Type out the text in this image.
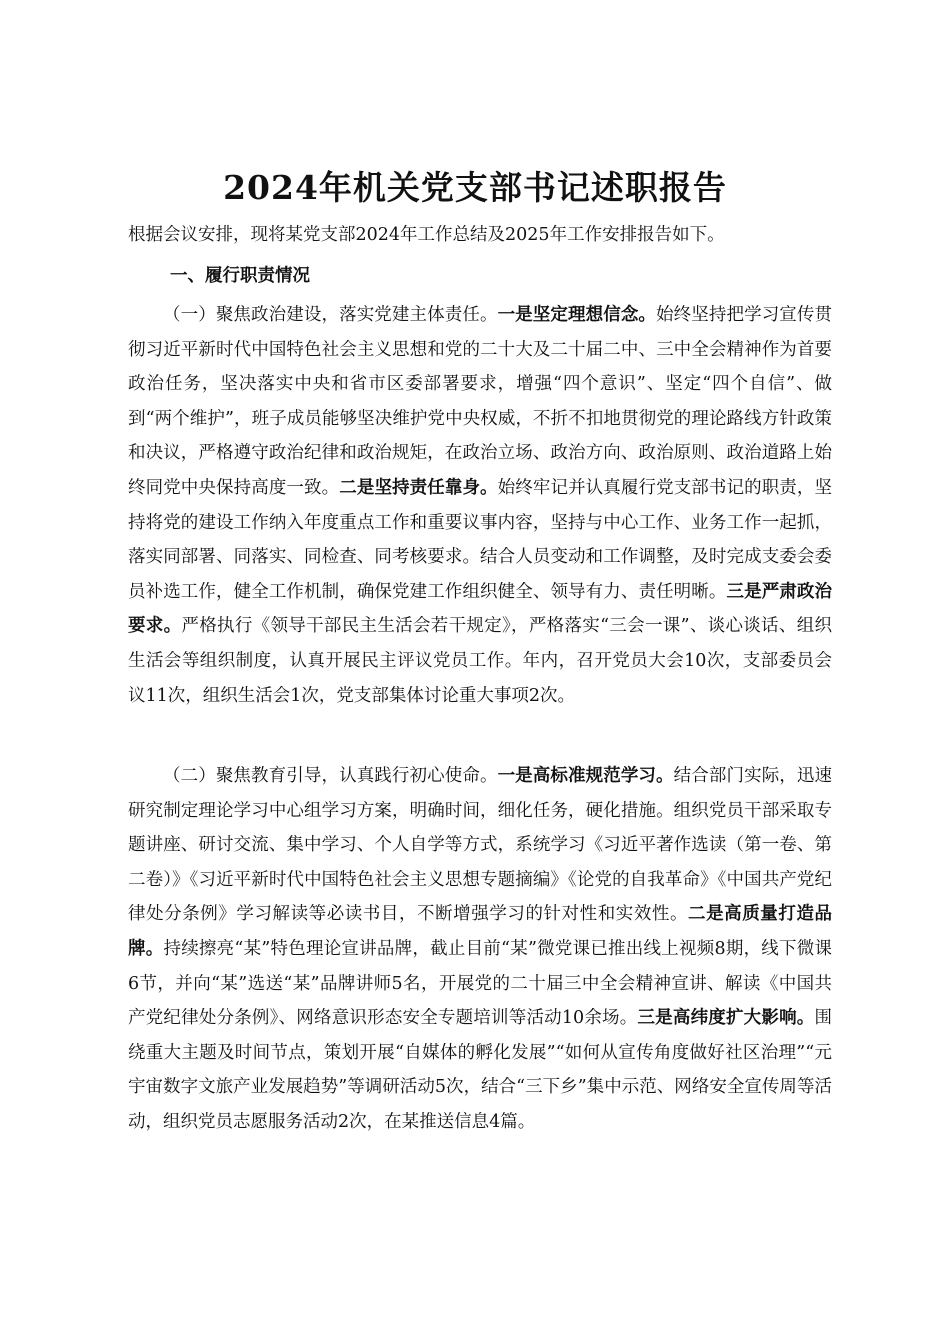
2024年机关党支部书记述职报告

根据会议安排，现将某党支部2024年工作总结及2025年工作安排报告如下。

一、履行职责情况

（一）聚焦政治建设，落实党建主体责任。一是坚定理想信念。始终坚持把学习宣传贯彻习近平新时代中国特色社会主义思想和党的二十大及二十届二中、三中全会精神作为首要政治任务，坚决落实中央和省市区委部署要求，增强“四个意识”、坚定“四个自信”、做到“两个维护”，班子成员能够坚决维护党中央权威，不折不扣地贯彻党的理论路线方针政策和决议，严格遵守政治纪律和政治规矩，在政治立场、政治方向、政治原则、政治道路上始终同党中央保持高度一致。二是坚持责任靠身。始终牢记并认真履行党支部书记的职责，坚持将党的建设工作纳入年度重点工作和重要议事内容，坚持与中心工作、业务工作一起抓，落实同部署、同落实、同检查、同考核要求。结合人员变动和工作调整，及时完成支委会委员补选工作，健全工作机制，确保党建工作组织健全、领导有力、责任明晰。三是严肃政治要求。严格执行《领导干部民主生活会若干规定》，严格落实“三会一课”、谈心谈话、组织生活会等组织制度，认真开展民主评议党员工作。年内，召开党员大会10次，支部委员会议11次，组织生活会1次，党支部集体讨论重大事项2次。

（二）聚焦教育引导，认真践行初心使命。一是高标准规范学习。结合部门实际，迅速研究制定理论学习中心组学习方案，明确时间，细化任务，硬化措施。组织党员干部采取专题讲座、研讨交流、集中学习、个人自学等方式，系统学习《习近平著作选读（第一卷、第二卷）》《习近平新时代中国特色社会主义思想专题摘编》《论党的自我革命》《中国共产党纪律处分条例》学习解读等必读书目，不断增强学习的针对性和实效性。二是高质量打造品牌。持续擦亮“某”特色理论宣讲品牌，截止目前“某”微党课已推出线上视频8期，线下微课6节，并向“某”选送“某”品牌讲师5名，开展党的二十届三中全会精神宣讲、解读《中国共产党纪律处分条例》、网络意识形态安全专题培训等活动10余场。三是高纬度扩大影响。围绕重大主题及时间节点，策划开展“自媒体的孵化发展”“如何从宣传角度做好社区治理”“元宇宙数字文旅产业发展趋势”等调研活动5次，结合“三下乡”集中示范、网络安全宣传周等活动，组织党员志愿服务活动2次，在某推送信息4篇。
